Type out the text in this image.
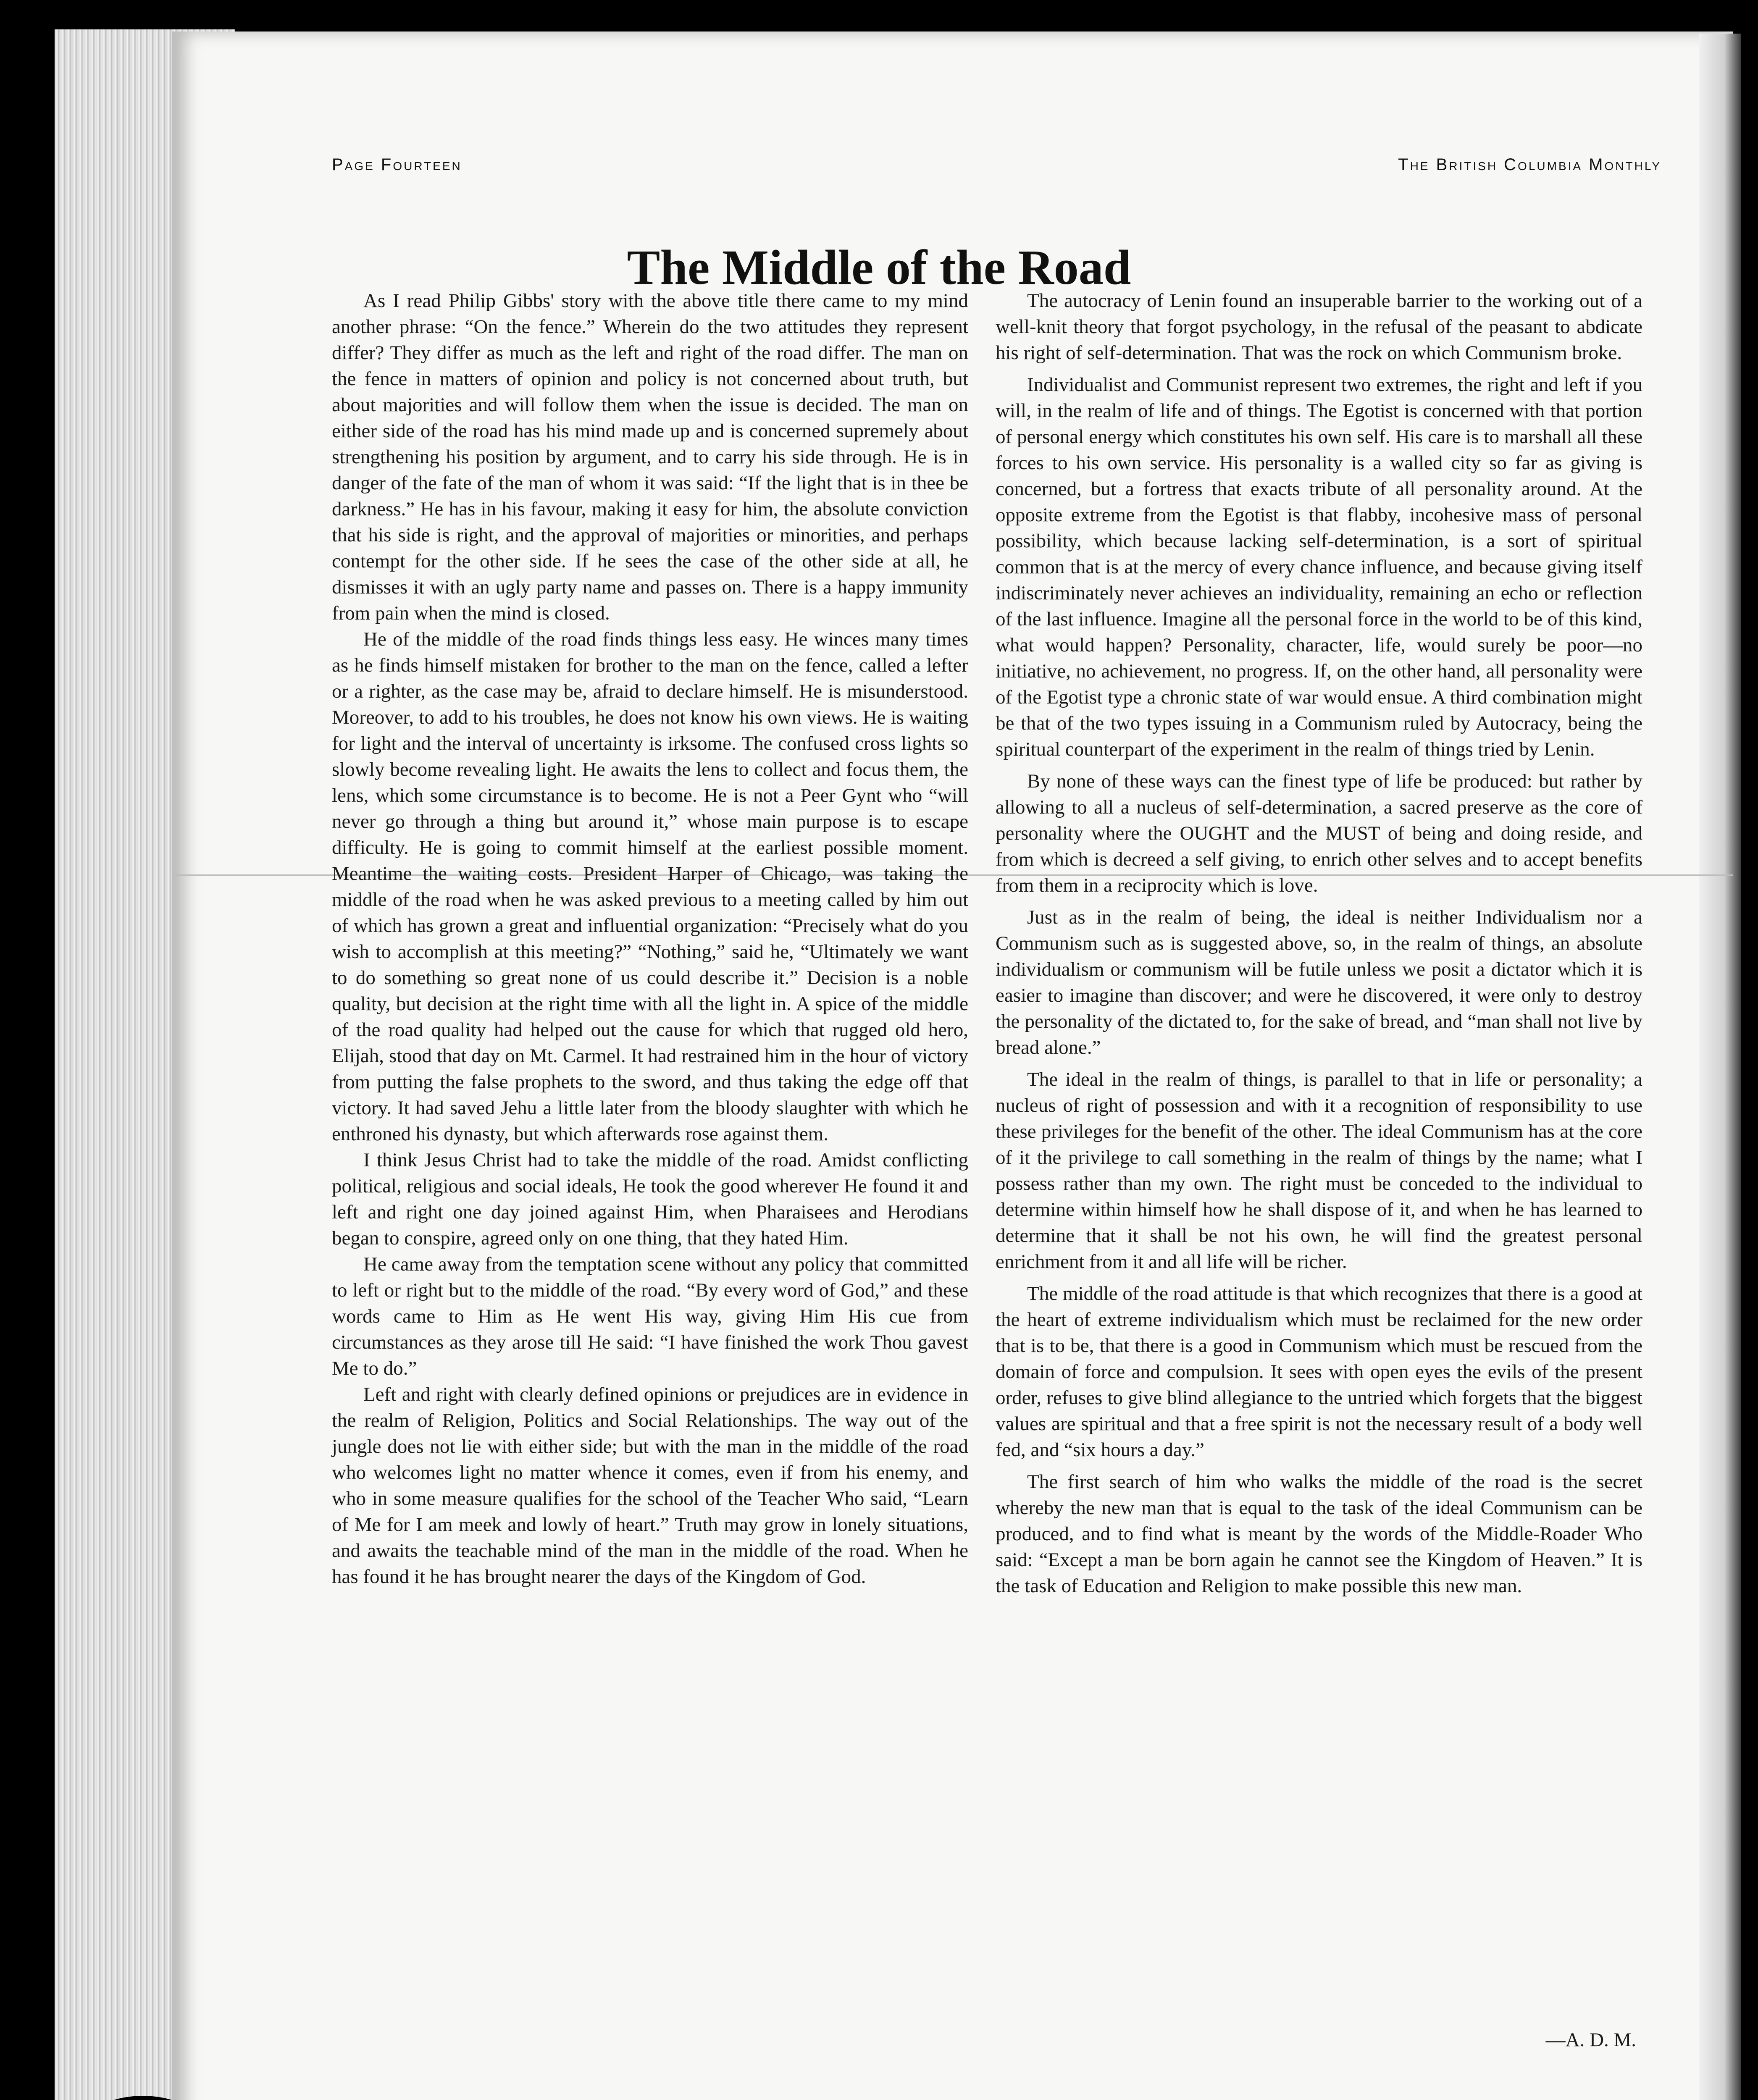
Page Fourteen	The British Columbia Monthly
The Middle of the Road

As I read Philip Gibbs' story with the above title there came to my mind another phrase: “On the fence.” Wherein do the two attitudes they represent differ? They differ as much as the left and right of the road differ. The man on the fence in matters of opinion and policy is not concerned about truth, but about majorities and will follow them when the issue is decided. The man on either side of the road has his mind made up and is concerned supremely about strengthening his position by argument, and to carry his side through. He is in danger of the fate of the man of whom it was said: “If the light that is in thee be darkness.” He has in his favour, making it easy for him, the absolute conviction that his side is right, and the approval of majorities or minorities, and perhaps contempt for the other side. If he sees the case of the other side at all, he dismisses it with an ugly party name and passes on. There is a happy immunity from pain when the mind is closed.

He of the middle of the road finds things less easy. He winces many times as he finds himself mistaken for brother to the man on the fence, called a lefter or a righter, as the case may be, afraid to declare himself. He is misunderstood. Moreover, to add to his troubles, he does not know his own views. He is waiting for light and the interval of uncertainty is irksome. The confused cross lights so slowly become revealing light. He awaits the lens to collect and focus them, the lens, which some circumstance is to become. He is not a Peer Gynt who “will never go through a thing but around it,” whose main purpose is to escape difficulty. He is going to commit himself at the earliest possible moment. Meantime the waiting costs. President Harper of Chicago, was taking the middle of the road when he was asked previous to a meeting called by him out of which has grown a great and influential organization: “Precisely what do you wish to accomplish at this meeting?” “Nothing,” said he, “Ultimately we want to do something so great none of us could describe it.” Decision is a noble quality, but decision at the right time with all the light in. A spice of the middle of the road quality had helped out the cause for which that rugged old hero, Elijah, stood that day on Mt. Carmel. It had restrained him in the hour of victory from putting the false prophets to the sword, and thus taking the edge off that victory. It had saved Jehu a little later from the bloody slaughter with which he enthroned his dynasty, but which afterwards rose against them.

I think Jesus Christ had to take the middle of the road. Amidst conflicting political, religious and social ideals, He took the good wherever He found it and left and right one day joined against Him, when Pharaisees and Herodians began to conspire, agreed only on one thing, that they hated Him.

He came away from the temptation scene without any policy that committed to left or right but to the middle of the road. “By every word of God,” and these words came to Him as He went His way, giving Him His cue from circumstances as they arose till He said: “I have finished the work Thou gavest Me to do.”

Left and right with clearly defined opinions or prejudices are in evidence in the realm of Religion, Politics and Social Relationships. The way out of the jungle does not lie with either side; but with the man in the middle of the road who welcomes light no matter whence it comes, even if from his enemy, and who in some measure qualifies for the school of the Teacher Who said, “Learn of Me for I am meek and lowly of heart.” Truth may grow in lonely situations, and awaits the teachable mind of the man in the middle of the road. When he has found it he has brought nearer the days of the Kingdom of God.

The autocracy of Lenin found an insuperable barrier to the working out of a well-knit theory that forgot psychology, in the refusal of the peasant to abdicate his right of self-determination. That was the rock on which Communism broke.

Individualist and Communist represent two extremes, the right and left if you will, in the realm of life and of things. The Egotist is concerned with that portion of personal energy which constitutes his own self. His care is to marshall all these forces to his own service. His personality is a walled city so far as giving is concerned, but a fortress that exacts tribute of all personality around. At the opposite extreme from the Egotist is that flabby, incohesive mass of personal possibility, which because lacking self-determination, is a sort of spiritual common that is at the mercy of every chance influence, and because giving itself indiscriminately never achieves an individuality, remaining an echo or reflection of the last influence. Imagine all the personal force in the world to be of this kind, what would happen? Personality, character, life, would surely be poor—no initiative, no achievement, no progress. If, on the other hand, all personality were of the Egotist type a chronic state of war would ensue. A third combination might be that of the two types issuing in a Communism ruled by Autocracy, being the spiritual counterpart of the experiment in the realm of things tried by Lenin.

By none of these ways can the finest type of life be produced: but rather by allowing to all a nucleus of self-determination, a sacred preserve as the core of personality where the OUGHT and the MUST of being and doing reside, and from which is decreed a self giving, to enrich other selves and to accept benefits from them in a reciprocity which is love.

Just as in the realm of being, the ideal is neither Individualism nor a Communism such as is suggested above, so, in the realm of things, an absolute individualism or communism will be futile unless we posit a dictator which it is easier to imagine than discover; and were he discovered, it were only to destroy the personality of the dictated to, for the sake of bread, and “man shall not live by bread alone.”

The ideal in the realm of things, is parallel to that in life or personality; a nucleus of right of possession and with it a recognition of responsibility to use these privileges for the benefit of the other. The ideal Communism has at the core of it the privilege to call something in the realm of things by the name; what I possess rather than my own. The right must be conceded to the individual to determine within himself how he shall dispose of it, and when he has learned to determine that it shall be not his own, he will find the greatest personal enrichment from it and all life will be richer.

The middle of the road attitude is that which recognizes that there is a good at the heart of extreme individualism which must be reclaimed for the new order that is to be, that there is a good in Communism which must be rescued from the domain of force and compulsion. It sees with open eyes the evils of the present order, refuses to give blind allegiance to the untried which forgets that the biggest values are spiritual and that a free spirit is not the necessary result of a body well fed, and “six hours a day.”

The first search of him who walks the middle of the road is the secret whereby the new man that is equal to the task of the ideal Communism can be produced, and to find what is meant by the words of the Middle-Roader Who said: “Except a man be born again he cannot see the Kingdom of Heaven.” It is the task of Education and Religion to make possible this new man.

—A. D. M.
